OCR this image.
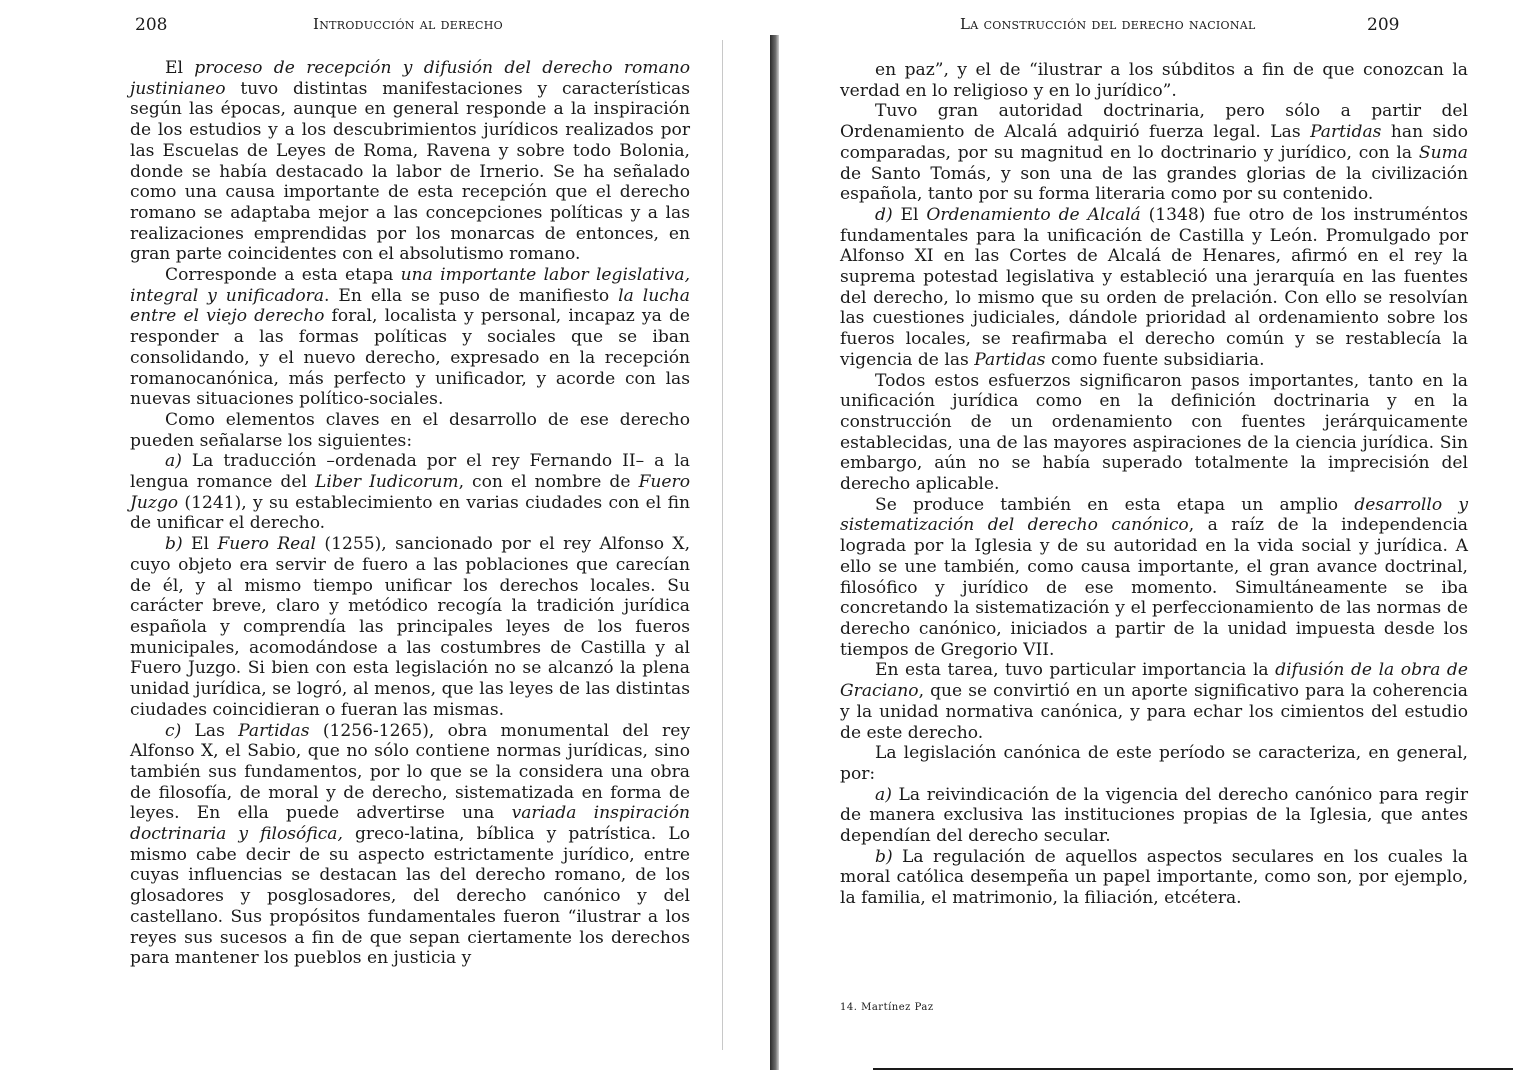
208	Introducción al derecho

El proceso de recepción y difusión del derecho romano justinianeo tuvo distintas manifestaciones y características según las épocas, aunque en general responde a la inspiración de los estudios y a los descubrimientos jurídicos realizados por las Escuelas de Leyes de Roma, Ravena y sobre todo Bolonia, donde se había destacado la labor de Irnerio. Se ha señalado como una causa importante de esta recepción que el derecho romano se adaptaba mejor a las concepciones políticas y a las realizaciones emprendidas por los monarcas de entonces, en gran parte coincidentes con el absolutismo romano.

Corresponde a esta etapa una importante labor legislativa, integral y unificadora. En ella se puso de manifiesto la lucha entre el viejo derecho foral, localista y personal, incapaz ya de responder a las formas políticas y sociales que se iban consolidando, y el nuevo derecho, expresado en la recepción romanocanónica, más perfecto y unificador, y acorde con las nuevas situaciones político-sociales.

Como elementos claves en el desarrollo de ese derecho pueden señalarse los siguientes:

a) La traducción –ordenada por el rey Fernando II– a la lengua romance del Liber Iudicorum, con el nombre de Fuero Juzgo (1241), y su establecimiento en varias ciudades con el fin de unificar el derecho.

b) El Fuero Real (1255), sancionado por el rey Alfonso X, cuyo objeto era servir de fuero a las poblaciones que carecían de él, y al mismo tiempo unificar los derechos locales. Su carácter breve, claro y metódico recogía la tradición jurídica española y comprendía las principales leyes de los fueros municipales, acomodándose a las costumbres de Castilla y al Fuero Juzgo. Si bien con esta legislación no se alcanzó la plena unidad jurídica, se logró, al menos, que las leyes de las distintas ciudades coincidieran o fueran las mismas.

c) Las Partidas (1256-1265), obra monumental del rey Alfonso X, el Sabio, que no sólo contiene normas jurídicas, sino también sus fundamentos, por lo que se la considera una obra de filosofía, de moral y de derecho, sistematizada en forma de leyes. En ella puede advertirse una variada inspiración doctrinaria y filosófica, greco-latina, bíblica y patrística. Lo mismo cabe decir de su aspecto estrictamente jurídico, entre cuyas influencias se destacan las del derecho romano, de los glosadores y posglosadores, del derecho canónico y del castellano. Sus propósitos fundamentales fueron “ilustrar a los reyes sus sucesos a fin de que sepan ciertamente los derechos para mantener los pueblos en justicia y

La construcción del derecho nacional	209

en paz”, y el de “ilustrar a los súbditos a fin de que conozcan la verdad en lo religioso y en lo jurídico”.

Tuvo gran autoridad doctrinaria, pero sólo a partir del Ordenamiento de Alcalá adquirió fuerza legal. Las Partidas han sido comparadas, por su magnitud en lo doctrinario y jurídico, con la Suma de Santo Tomás, y son una de las grandes glorias de la civilización española, tanto por su forma literaria como por su contenido.

d) El Ordenamiento de Alcalá (1348) fue otro de los instruméntos fundamentales para la unificación de Castilla y León. Promulgado por Alfonso XI en las Cortes de Alcalá de Henares, afirmó en el rey la suprema potestad legislativa y estableció una jerarquía en las fuentes del derecho, lo mismo que su orden de prelación. Con ello se resolvían las cuestiones judiciales, dándole prioridad al ordenamiento sobre los fueros locales, se reafirmaba el derecho común y se restablecía la vigencia de las Partidas como fuente subsidiaria.

Todos estos esfuerzos significaron pasos importantes, tanto en la unificación jurídica como en la definición doctrinaria y en la construcción de un ordenamiento con fuentes jerárquicamente establecidas, una de las mayores aspiraciones de la ciencia jurídica. Sin embargo, aún no se había superado totalmente la imprecisión del derecho aplicable.

Se produce también en esta etapa un amplio desarrollo y sistematización del derecho canónico, a raíz de la independencia lograda por la Iglesia y de su autoridad en la vida social y jurídica. A ello se une también, como causa importante, el gran avance doctrinal, filosófico y jurídico de ese momento. Simultáneamente se iba concretando la sistematización y el perfeccionamiento de las normas de derecho canónico, iniciados a partir de la unidad impuesta desde los tiempos de Gregorio VII.

En esta tarea, tuvo particular importancia la difusión de la obra de Graciano, que se convirtió en un aporte significativo para la coherencia y la unidad normativa canónica, y para echar los cimientos del estudio de este derecho.

La legislación canónica de este período se caracteriza, en general, por:

a) La reivindicación de la vigencia del derecho canónico para regir de manera exclusiva las instituciones propias de la Iglesia, que antes dependían del derecho secular.

b) La regulación de aquellos aspectos seculares en los cuales la moral católica desempeña un papel importante, como son, por ejemplo, la familia, el matrimonio, la filiación, etcétera.

14. Martínez Paz
